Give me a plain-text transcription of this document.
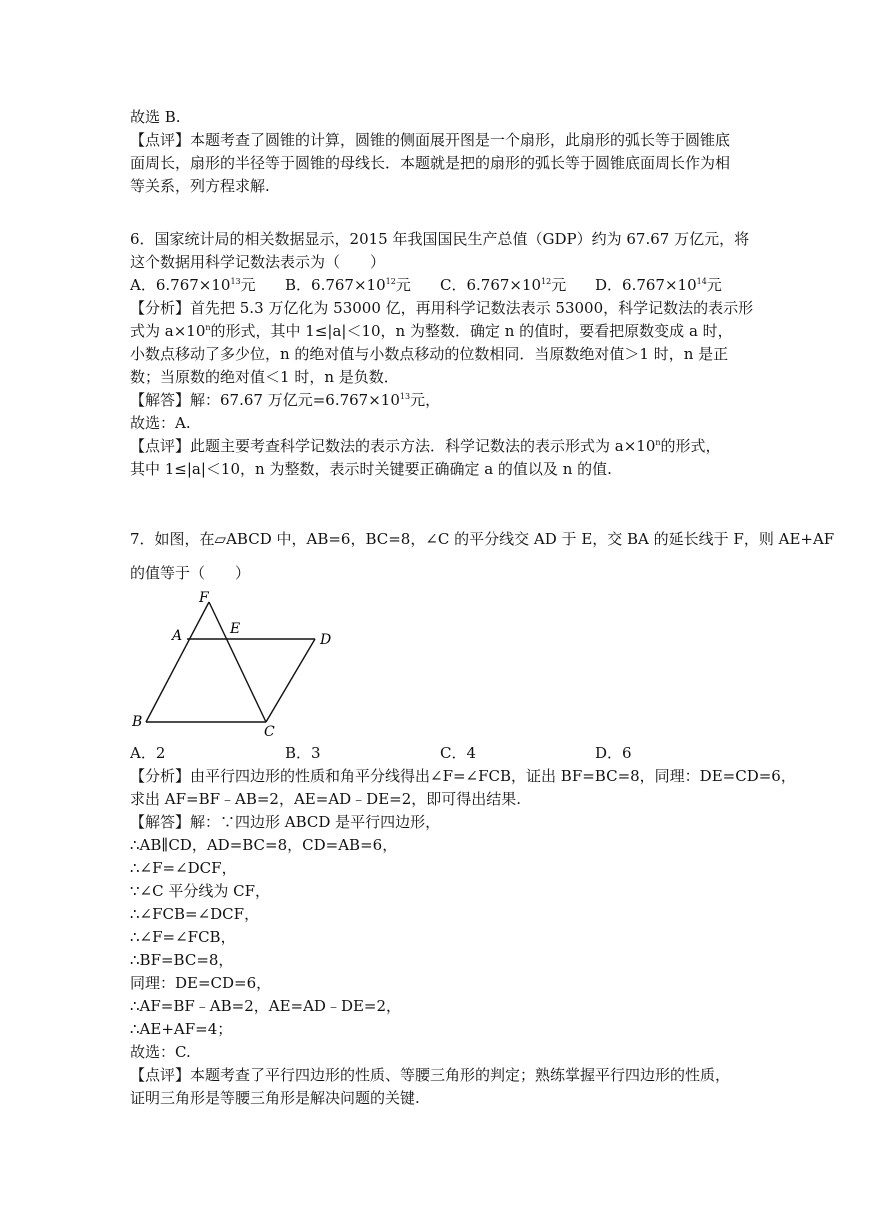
故选 B.
【点评】本题考查了圆锥的计算，圆锥的侧面展开图是一个扇形，此扇形的弧长等于圆锥底
面周长，扇形的半径等于圆锥的母线长．本题就是把的扇形的弧长等于圆锥底面周长作为相
等关系，列方程求解.
6．国家统计局的相关数据显示，2015 年我国国民生产总值（GDP）约为 67.67 万亿元，将
这个数据用科学记数法表示为（　　）
A．$6.767\times 10^{13}$元	B．$6.767\times 10^{12}$元	C．$6.767\times 10^{12}$元	D．$6.767\times 10^{14}$元
【分析】首先把 5.3 万亿化为 53000 亿，再用科学记数法表示 53000，科学记数法的表示形
式为 $a\times 10^n$的形式，其中 1≤|a|＜10，n 为整数．确定 n 的值时，要看把原数变成 a 时，
小数点移动了多少位，n 的绝对值与小数点移动的位数相同．当原数绝对值＞1 时，n 是正
数；当原数的绝对值＜1 时，n 是负数．
【解答】解：67.67 万亿元$=6.767\times 10^{13}$元，
故选：A.
【点评】此题主要考查科学记数法的表示方法．科学记数法的表示形式为 $a\times 10^n$的形式，
其中 1≤|a|＜10，n 为整数，表示时关键要正确确定 a 的值以及 n 的值.
7．如图，在▱ABCD 中，AB=6，BC=8，∠C 的平分线交 AD 于 E，交 BA 的延长线于 F，则 AE+AF
的值等于（　　）
F
A	E
D
B
C
A．2	B．3	C．4	D．6
【分析】由平行四边形的性质和角平分线得出∠F=∠FCB，证出 BF=BC=8，同理：DE=CD=6，
求出 AF=BF﹣AB=2，AE=AD﹣DE=2，即可得出结果.
【解答】解：∵四边形 ABCD 是平行四边形，
∴AB∥CD，AD=BC=8，CD=AB=6，
∴∠F=∠DCF，
∵∠C 平分线为 CF，
∴∠FCB=∠DCF，
∴∠F=∠FCB，
∴BF=BC=8，
同理：DE=CD=6，
∴AF=BF﹣AB=2，AE=AD﹣DE=2，
∴AE+AF=4；
故选：C.
【点评】本题考查了平行四边形的性质、等腰三角形的判定；熟练掌握平行四边形的性质，
证明三角形是等腰三角形是解决问题的关键.
